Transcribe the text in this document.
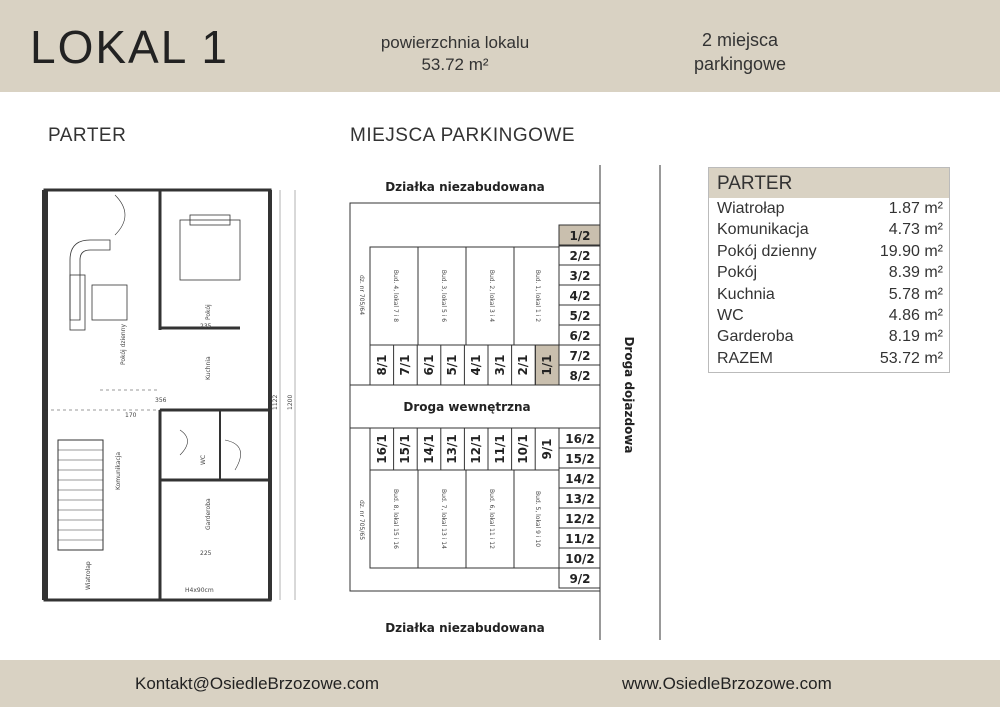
LOKAL 1	powierzchnia lokalu
53.72 m²
2 miejsca
parkingowe
PARTER	MIEJSCA PARKINGOWE
Pokój dzienny
Pokój
Kuchnia
WC
Komunikacja
Garderoba
Wiatrołap
1200
1122
170
225
235
356
H4x90cm
Działka niezabudowana
Działka niezabudowana
Droga wewnętrzna	Droga dojazdowa
dz. nr 705/64
dz. nr 705/65
Bud. 4, lokal 7 i 8	Bud. 3, lokal 5 i 6	Bud. 2, lokal 3 i 4	Bud. 1, lokal 1 i 2
Bud. 8, lokal 15 i 16	Bud. 7, lokal 13 i 14	Bud. 6, lokal 11 i 12	Bud. 5, lokal 9 i 10
1/2
2/2
3/2
4/2
5/2
6/2
7/2
8/2
16/2
15/2
14/2
13/2
12/2
11/2
10/2
9/2
8/1 7/1 6/1 5/1 4/1 3/1 2/1 1/1
16/1 15/1 14/1 13/1 12/1 11/1 10/1 9/1
PARTER
Wiatrołap	1.87 m²
Komunikacja	4.73 m²
Pokój dzienny	19.90 m²
Pokój	8.39 m²
Kuchnia	5.78 m²
WC	4.86 m²
Garderoba	8.19 m²
RAZEM	53.72 m²
Kontakt@OsiedleBrzozowe.com	www.OsiedleBrzozowe.com
